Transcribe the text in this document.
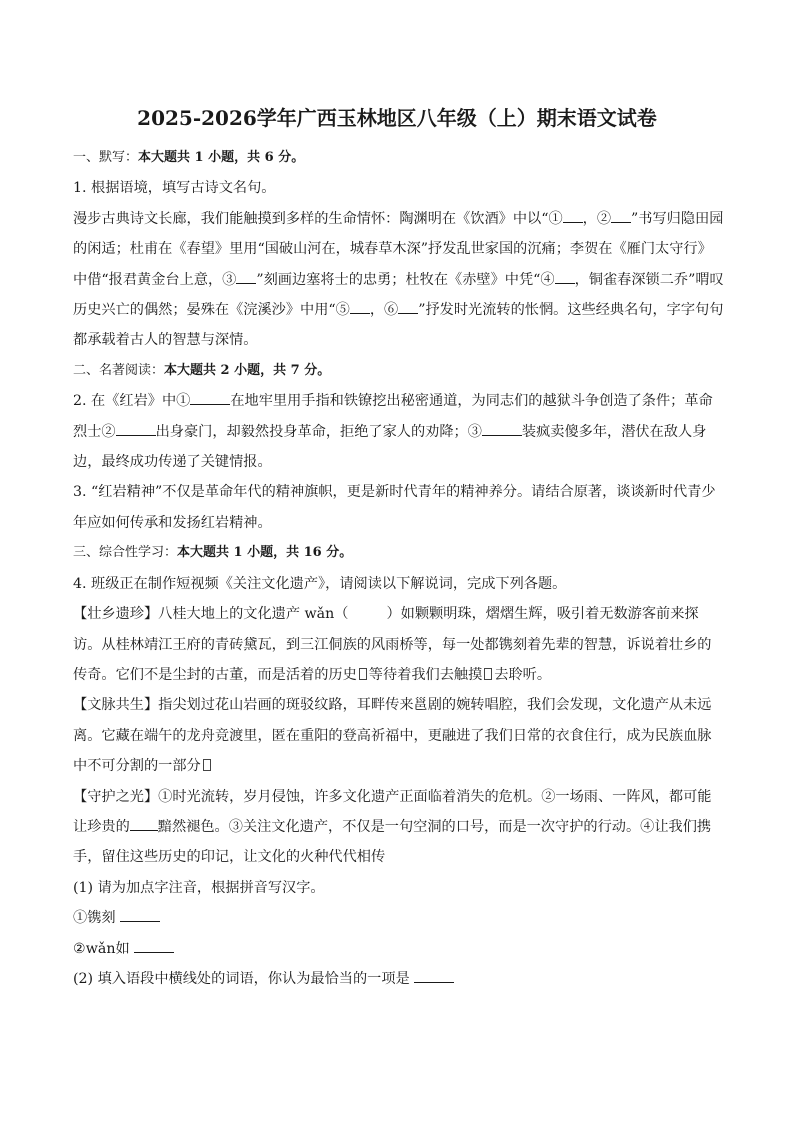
2025-2026学年广西玉林地区八年级（上）期末语文试卷

一、默写：本大题共 1 小题，共 6 分。

1. 根据语境，填写古诗文名句。

漫步古典诗文长廊，我们能触摸到多样的生命情怀：陶渊明在《饮酒》中以“① ，② ”书写归隐田园的闲适；杜甫在《春望》里用“国破山河在，城春草木深”抒发乱世家国的沉痛；李贺在《雁门太守行》中借“报君黄金台上意，③ ”刻画边塞将士的忠勇；杜牧在《赤壁》中凭“④ ，铜雀春深锁二乔”喟叹历史兴亡的偶然；晏殊在《浣溪沙》中用“⑤ ，⑥ ”抒发时光流转的怅惘。这些经典名句，字字句句都承载着古人的智慧与深情。

二、名著阅读：本大题共 2 小题，共 7 分。

2. 在《红岩》中①	在地牢里用手指和铁镣挖出秘密通道，为同志们的越狱斗争创造了条件；革命烈士②	出身豪门，却毅然投身革命，拒绝了家人的劝降；③	装疯卖傻多年，潜伏在敌人身边，最终成功传递了关键情报。

3. “红岩精神”不仅是革命年代的精神旗帜，更是新时代青年的精神养分。请结合原著，谈谈新时代青少年应如何传承和发扬红岩精神。

三、综合性学习：本大题共 1 小题，共 16 分。

4. 班级正在制作短视频《关注文化遗产》，请阅读以下解说词，完成下列各题。

【壮乡遗珍】八桂大地上的文化遗产 wǎn（	）如颗颗明珠，熠熠生辉，吸引着无数游客前来探访。从桂林靖江王府的青砖黛瓦，到三江侗族的风雨桥等，每一处都镌刻着先辈的智慧，诉说着壮乡的传奇。它们不是尘封的古董，而是活着的历史 等待着我们去触摸 去聆听。

【文脉共生】指尖划过花山岩画的斑驳纹路，耳畔传来邕剧的婉转唱腔，我们会发现，文化遗产从未远离。它藏在端午的龙舟竞渡里，匿在重阳的登高祈福中，更融进了我们日常的衣食住行，成为民族血脉中不可分割的一部分

【守护之光】①时光流转，岁月侵蚀，许多文化遗产正面临着消失的危机。②一场雨、一阵风，都可能让珍贵的 黯然褪色。③关注文化遗产，不仅是一句空洞的口号，而是一次守护的行动。④让我们携手，留住这些历史的印记，让文化的火种代代相传

(1) 请为加点字注音，根据拼音写汉字。

①镌刻

②wǎn如

(2) 填入语段中横线处的词语，你认为最恰当的一项是
